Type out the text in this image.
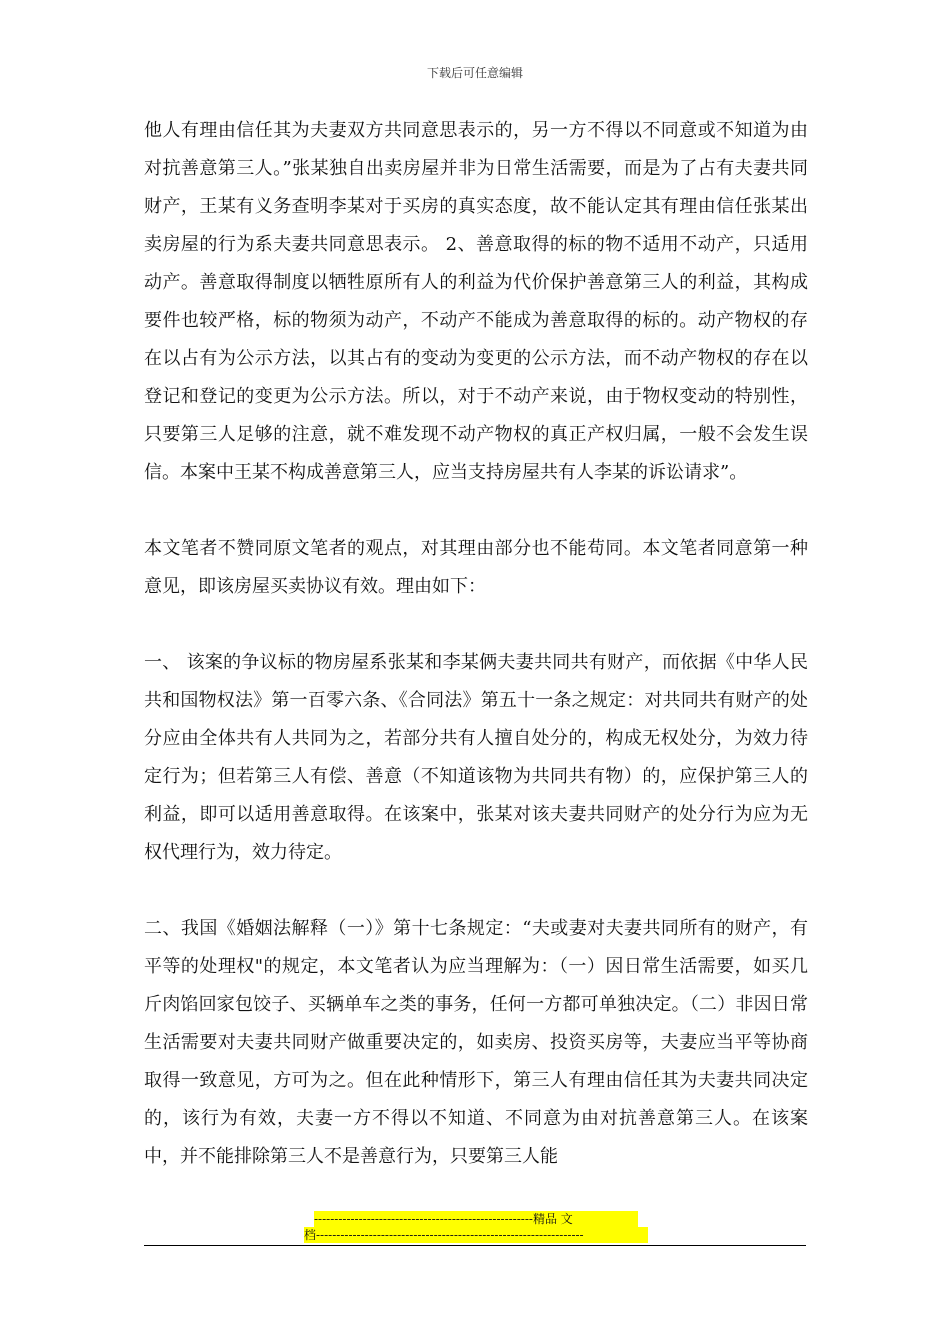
下载后可任意编辑

他人有理由信任其为夫妻双方共同意思表示的，另一方不得以不同意或不知道为由对抗善意第三人。”张某独自出卖房屋并非为日常生活需要，而是为了占有夫妻共同财产，王某有义务查明李某对于买房的真实态度，故不能认定其有理由信任张某出卖房屋的行为系夫妻共同意思表示。 2、善意取得的标的物不适用不动产，只适用动产。善意取得制度以牺牲原所有人的利益为代价保护善意第三人的利益，其构成要件也较严格，标的物须为动产，不动产不能成为善意取得的标的。动产物权的存在以占有为公示方法，以其占有的变动为变更的公示方法，而不动产物权的存在以登记和登记的变更为公示方法。所以，对于不动产来说，由于物权变动的特别性，只要第三人足够的注意，就不难发现不动产物权的真正产权归属，一般不会发生误信。本案中王某不构成善意第三人，应当支持房屋共有人李某的诉讼请求”。

本文笔者不赞同原文笔者的观点，对其理由部分也不能苟同。本文笔者同意第一种意见，即该房屋买卖协议有效。理由如下：

一、 该案的争议标的物房屋系张某和李某俩夫妻共同共有财产，而依据《中华人民共和国物权法》第一百零六条、《合同法》第五十一条之规定：对共同共有财产的处分应由全体共有人共同为之，若部分共有人擅自处分的，构成无权处分，为效力待定行为；但若第三人有偿、善意（不知道该物为共同共有物）的，应保护第三人的利益，即可以适用善意取得。在该案中，张某对该夫妻共同财产的处分行为应为无权代理行为，效力待定。

二、我国《婚姻法解释（一）》第十七条规定：“夫或妻对夫妻共同所有的财产，有平等的处理权"的规定，本文笔者认为应当理解为：（一）因日常生活需要，如买几斤肉馅回家包饺子、买辆单车之类的事务，任何一方都可单独决定。（二）非因日常生活需要对夫妻共同财产做重要决定的，如卖房、投资买房等，夫妻应当平等协商取得一致意见，方可为之。但在此种情形下，第三人有理由信任其为夫妻共同决定的，该行为有效，夫妻一方不得以不知道、不同意为由对抗善意第三人。在该案中，并不能排除第三人不是善意行为，只要第三人能

------------------------------------------------------精品 文
档------------------------------------------------------------------
